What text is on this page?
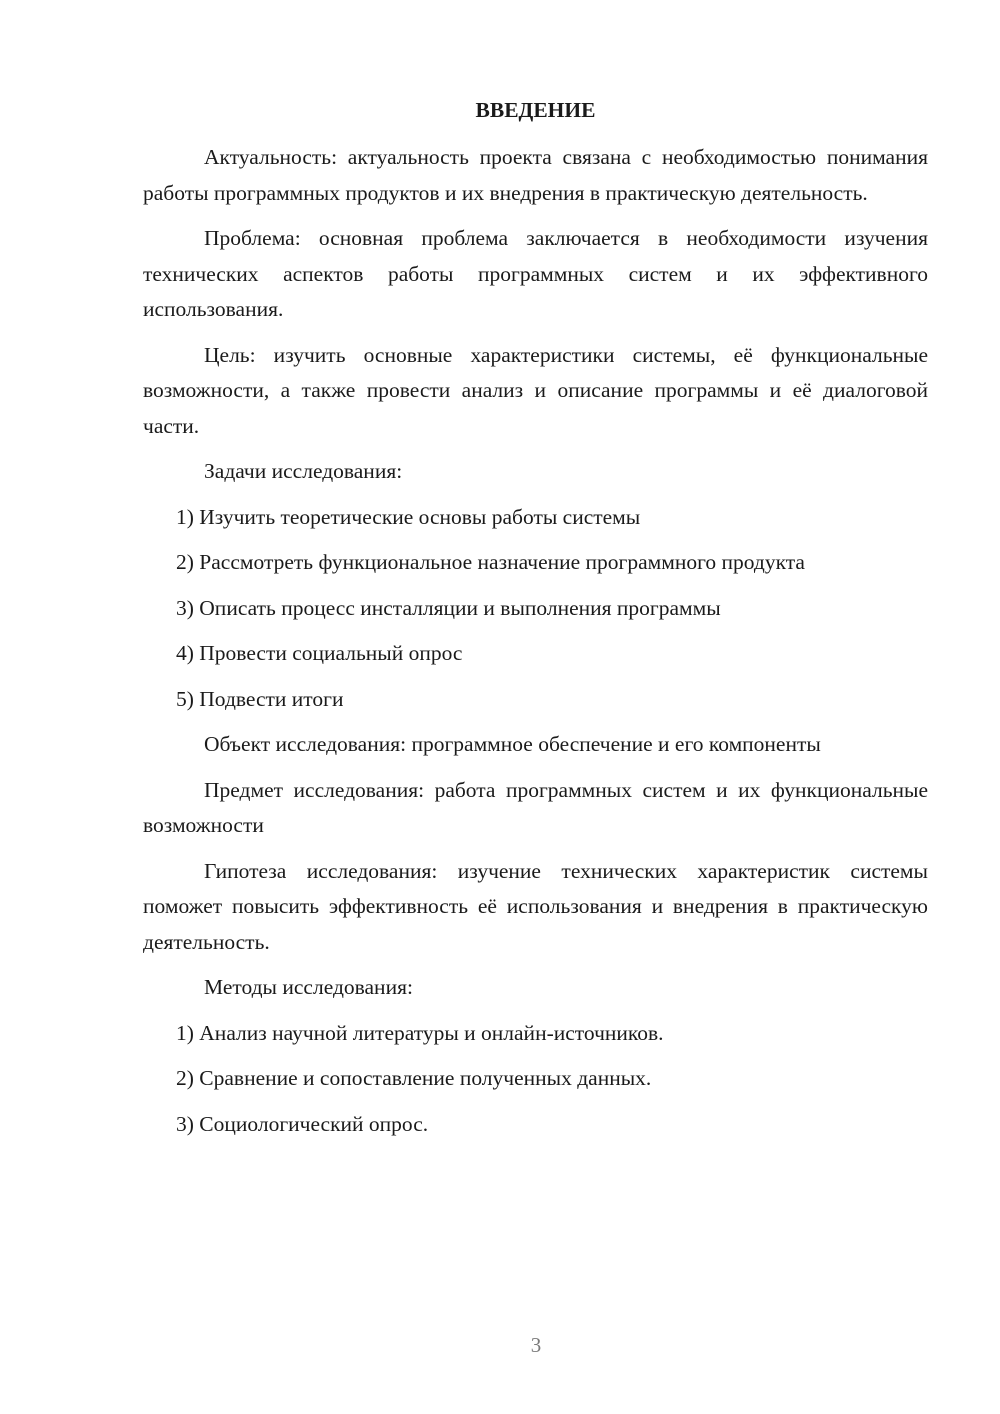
ВВЕДЕНИЕ

Актуальность: актуальность проекта связана с необходимостью понимания работы программных продуктов и их внедрения в практическую деятельность.

Проблема: основная проблема заключается в необходимости изучения технических аспектов работы программных систем и их эффективного использования.

Цель: изучить основные характеристики системы, её функциональные возможности, а также провести анализ и описание программы и её диалоговой части.

Задачи исследования:

1) Изучить теоретические основы работы системы
2) Рассмотреть функциональное назначение программного продукта
3) Описать процесс инсталляции и выполнения программы
4) Провести социальный опрос
5) Подвести итоги

Объект исследования: программное обеспечение и его компоненты

Предмет исследования: работа программных систем и их функциональные возможности

Гипотеза исследования: изучение технических характеристик системы поможет повысить эффективность её использования и внедрения в практическую деятельность.

Методы исследования:

1) Анализ научной литературы и онлайн-источников.
2) Сравнение и сопоставление полученных данных.
3) Социологический опрос.
3
